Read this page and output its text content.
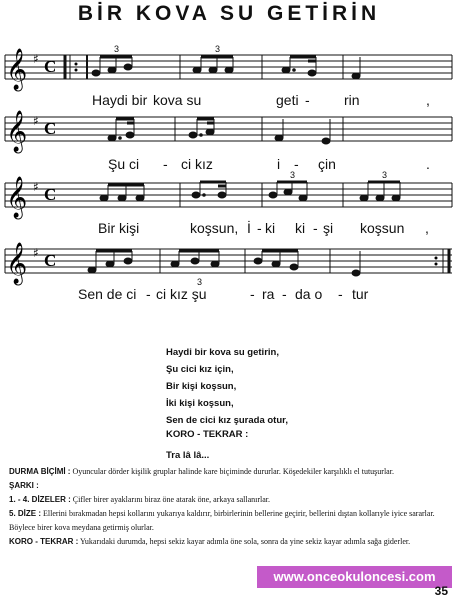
BİR KOVA SU GETİRİN
𝄞 ♯ C
3	3
Haydi bir kova su	geti - rin	,
𝄞 ♯ C
Şu ci - ci kız	i - çin	.
𝄞 ♯ C
3	3
Bir kişi	koşsun, İ - ki ki - şi koşsun ,
𝄞 ♯ C
3
Sen de ci - ci kız şu	- ra - da o - tur
Haydi bir kova su getirin,
Şu cici kız için,
Bir kişi koşsun,
İki kişi koşsun,
Sen de cici kız şurada otur,
KORO - TEKRAR :
Tra lâ lâ...

DURMA BİÇİMİ : Oyuncular dörder kişilik gruplar halinde kare biçiminde dururlar. Köşedekiler karşılıklı el tutuşurlar.

ŞARKI :

1. - 4. DİZELER : Çifler birer ayaklarını biraz öne atarak öne, arkaya sallanırlar.

5. DİZE : Ellerini bırakmadan hepsi kollarını yukarıya kaldırır, birbirlerinin bellerine geçirir, bellerini dıştan kollarıyle iyice sararlar. Böylece birer kova meydana getirmiş olurlar.

KORO - TEKRAR : Yukarıdaki durumda, hepsi sekiz kayar adımla öne sola, sonra da yine sekiz kayar adımla sağa giderler.

www.onceokuloncesi.com
35
